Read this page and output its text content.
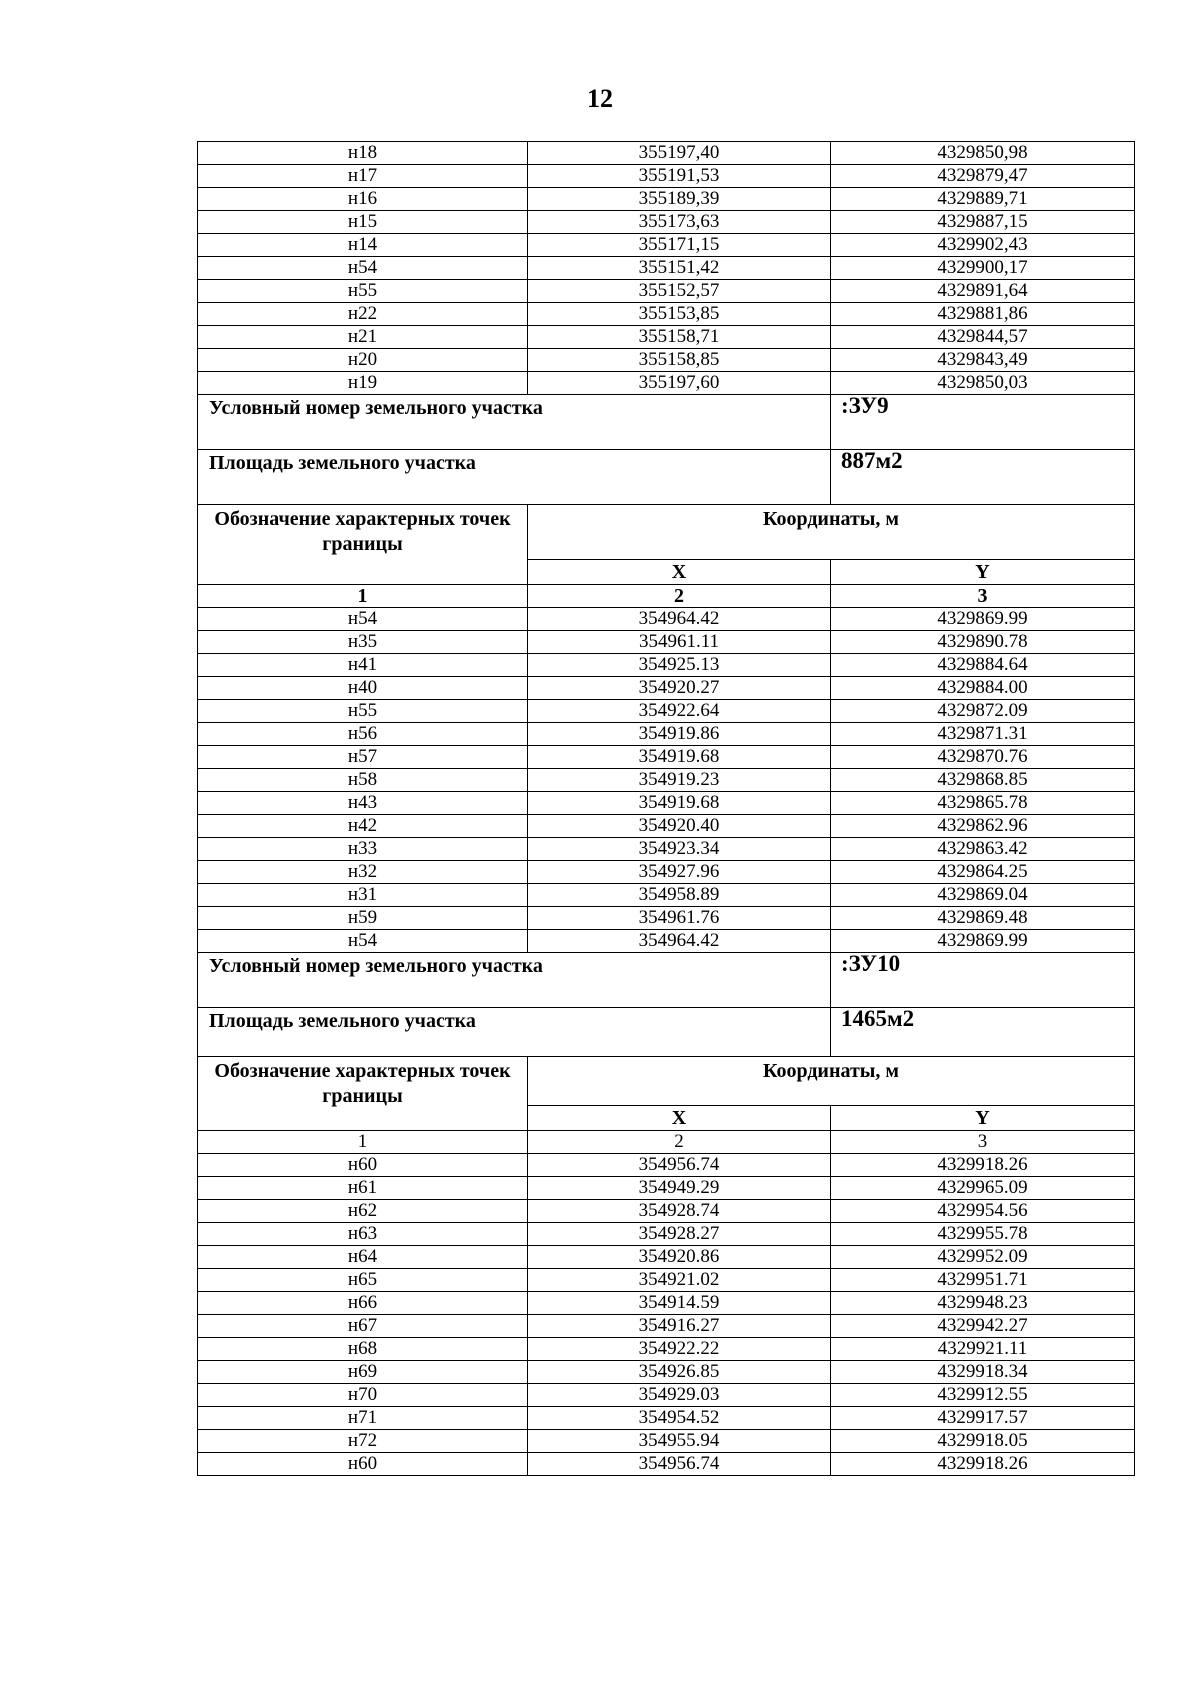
12
н18	355197,40	4329850,98
н17	355191,53	4329879,47
н16	355189,39	4329889,71
н15	355173,63	4329887,15
н14	355171,15	4329902,43
н54	355151,42	4329900,17
н55	355152,57	4329891,64
н22	355153,85	4329881,86
н21	355158,71	4329844,57
н20	355158,85	4329843,49
н19	355197,60	4329850,03
Условный номер земельного участка		:ЗУ9
Площадь земельного участка		887м2
Обозначение характерных точек границы	Координаты, м	
	X	Y
1	2	3
н54	354964.42	4329869.99
н35	354961.11	4329890.78
н41	354925.13	4329884.64
н40	354920.27	4329884.00
н55	354922.64	4329872.09
н56	354919.86	4329871.31
н57	354919.68	4329870.76
н58	354919.23	4329868.85
н43	354919.68	4329865.78
н42	354920.40	4329862.96
н33	354923.34	4329863.42
н32	354927.96	4329864.25
н31	354958.89	4329869.04
н59	354961.76	4329869.48
н54	354964.42	4329869.99
Условный номер земельного участка		:ЗУ10
Площадь земельного участка		1465м2
Обозначение характерных точек границы	Координаты, м	
	X	Y
1	2	3
н60	354956.74	4329918.26
н61	354949.29	4329965.09
н62	354928.74	4329954.56
н63	354928.27	4329955.78
н64	354920.86	4329952.09
н65	354921.02	4329951.71
н66	354914.59	4329948.23
н67	354916.27	4329942.27
н68	354922.22	4329921.11
н69	354926.85	4329918.34
н70	354929.03	4329912.55
н71	354954.52	4329917.57
н72	354955.94	4329918.05
н60	354956.74	4329918.26
